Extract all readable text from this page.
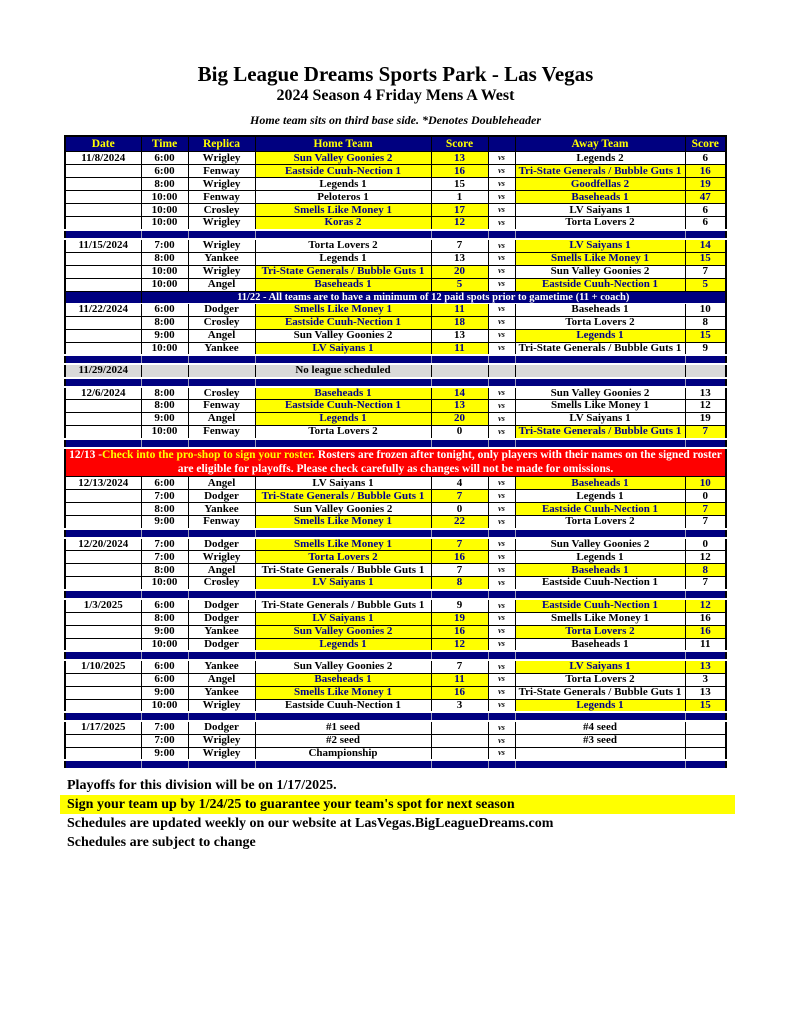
Big League Dreams Sports Park - Las Vegas
2024 Season 4 Friday Mens A West
Home team sits on third base side. *Denotes Doubleheader
Date	Time	Replica	Home Team	Score		Away Team	Score
11/8/2024	6:00	Wrigley	Sun Valley Goonies 2	13	vs	Legends 2	6
	6:00	Fenway	Eastside Cuuh-Nection 1	16	vs	Tri-State Generals / Bubble Guts 1	16
	8:00	Wrigley	Legends 1	15	vs	Goodfellas 2	19
	10:00	Fenway	Peloteros 1	1	vs	Baseheads 1	47
	10:00	Crosley	Smells Like Money 1	17	vs	LV Saiyans 1	6
	10:00	Wrigley	Koras 2	12	vs	Torta Lovers 2	6

11/15/2024	7:00	Wrigley	Torta Lovers 2	7	vs	LV Saiyans 1	14
	8:00	Yankee	Legends 1	13	vs	Smells Like Money 1	15
	10:00	Wrigley	Tri-State Generals / Bubble Guts 1	20	vs	Sun Valley Goonies 2	7
	10:00	Angel	Baseheads 1	5	vs	Eastside Cuuh-Nection 1	5
	11/22 - All teams are to have a minimum of 12 paid spots prior to gametime (11 + coach)						
11/22/2024	6:00	Dodger	Smells Like Money 1	11	vs	Baseheads 1	10
	8:00	Crosley	Eastside Cuuh-Nection 1	18	vs	Torta Lovers 2	8
	9:00	Angel	Sun Valley Goonies 2	13	vs	Legends 1	15
	10:00	Yankee	LV Saiyans 1	11	vs	Tri-State Generals / Bubble Guts 1	9

11/29/2024			No league scheduled				

12/6/2024	8:00	Crosley	Baseheads 1	14	vs	Sun Valley Goonies 2	13
	8:00	Fenway	Eastside Cuuh-Nection 1	13	vs	Smells Like Money 1	12
	9:00	Angel	Legends 1	20	vs	LV Saiyans 1	19
	10:00	Fenway	Torta Lovers 2	0	vs	Tri-State Generals / Bubble Guts 1	7

12/13 -Check into the pro-shop to sign your roster. Rosters are frozen after tonight, only players with their names on the signed roster are eligible for playoffs. Please check carefully as changes will not be made for omissions.							
12/13/2024	6:00	Angel	LV Saiyans 1	4	vs	Baseheads 1	10
	7:00	Dodger	Tri-State Generals / Bubble Guts 1	7	vs	Legends 1	0
	8:00	Yankee	Sun Valley Goonies 2	0	vs	Eastside Cuuh-Nection 1	7
	9:00	Fenway	Smells Like Money 1	22	vs	Torta Lovers 2	7

12/20/2024	7:00	Dodger	Smells Like Money 1	7	vs	Sun Valley Goonies 2	0
	7:00	Wrigley	Torta Lovers 2	16	vs	Legends 1	12
	8:00	Angel	Tri-State Generals / Bubble Guts 1	7	vs	Baseheads 1	8
	10:00	Crosley	LV Saiyans 1	8	vs	Eastside Cuuh-Nection 1	7

1/3/2025	6:00	Dodger	Tri-State Generals / Bubble Guts 1	9	vs	Eastside Cuuh-Nection 1	12
	8:00	Dodger	LV Saiyans 1	19	vs	Smells Like Money 1	16
	9:00	Yankee	Sun Valley Goonies 2	16	vs	Torta Lovers 2	16
	10:00	Dodger	Legends 1	12	vs	Baseheads 1	11

1/10/2025	6:00	Yankee	Sun Valley Goonies 2	7	vs	LV Saiyans 1	13
	6:00	Angel	Baseheads 1	11	vs	Torta Lovers 2	3
	9:00	Yankee	Smells Like Money 1	16	vs	Tri-State Generals / Bubble Guts 1	13
	10:00	Wrigley	Eastside Cuuh-Nection 1	3	vs	Legends 1	15

1/17/2025	7:00	Dodger	#1 seed		vs	#4 seed	
	7:00	Wrigley	#2 seed		vs	#3 seed	
	9:00	Wrigley	Championship		vs		

Playoffs for this division will be on 1/17/2025.
Sign your team up by 1/24/25 to guarantee your team's spot for next season
Schedules are updated weekly on our website at LasVegas.BigLeagueDreams.com
Schedules are subject to change
